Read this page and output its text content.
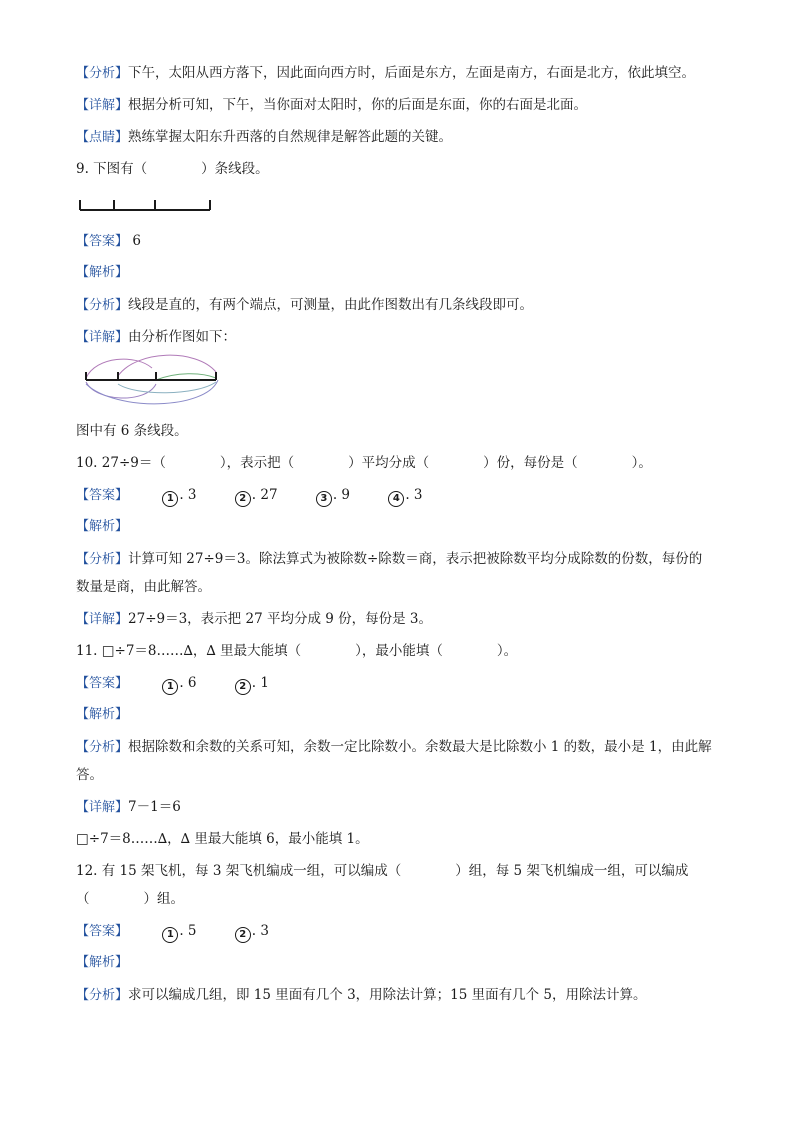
【分析】下午，太阳从西方落下，因此面向西方时，后面是东方，左面是南方，右面是北方，依此填空。
【详解】根据分析可知，下午，当你面对太阳时，你的后面是东面，你的右面是北面。
【点睛】熟练掌握太阳东升西落的自然规律是解答此题的关键。
9. 下图有（　　　　）条线段。
【答案】 6
【解析】
【分析】线段是直的，有两个端点，可测量，由此作图数出有几条线段即可。
【详解】由分析作图如下：
图中有 6 条线段。
10. 27÷9＝（　　　　），表示把（　　　　）平均分成（　　　　）份，每份是（　　　　）。
【答案】	1 . 3	2 . 27	3 . 9	4 . 3
【解析】
【分析】计算可知 27÷9＝3。除法算式为被除数÷除数＝商，表示把被除数平均分成除数的份数，每份的
数量是商，由此解答。
【详解】27÷9＝3，表示把 27 平均分成 9 份，每份是 3。
11. □÷7＝8……∆，∆ 里最大能填（　　　　），最小能填（　　　　）。
【答案】	1 . 6	2 . 1
【解析】
【分析】根据除数和余数的关系可知，余数一定比除数小。余数最大是比除数小 1 的数，最小是 1，由此解
答。
【详解】7－1＝6
□÷7＝8……∆，∆ 里最大能填 6，最小能填 1。
12. 有 15 架飞机，每 3 架飞机编成一组，可以编成（　　　　）组，每 5 架飞机编成一组，可以编成
（　　　　）组。
【答案】	1 . 5	2 . 3
【解析】
【分析】求可以编成几组，即 15 里面有几个 3，用除法计算；15 里面有几个 5，用除法计算。
